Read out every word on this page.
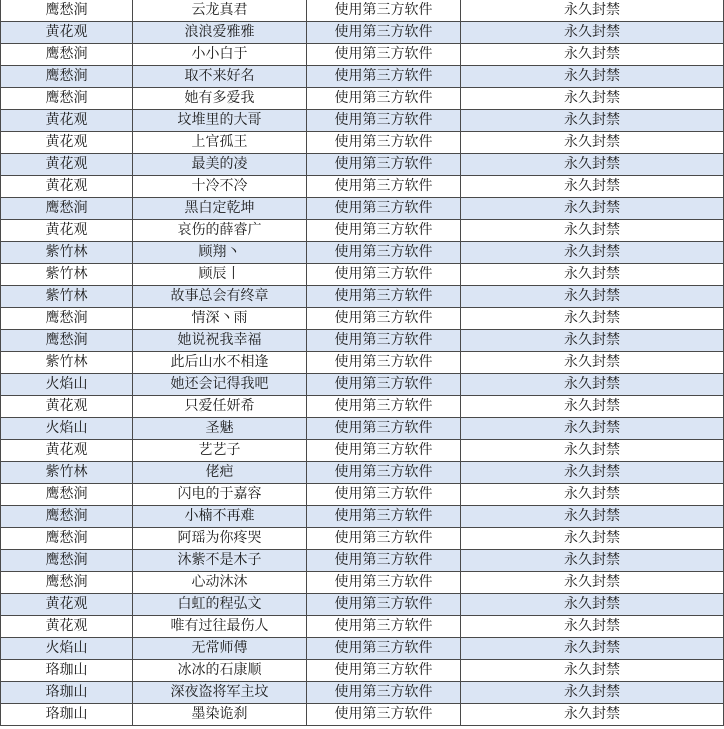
鹰愁涧	云龙真君	使用第三方软件	永久封禁
黄花观	浪浪爱雅雅	使用第三方软件	永久封禁
鹰愁涧	小小白于	使用第三方软件	永久封禁
鹰愁涧	取不来好名	使用第三方软件	永久封禁
鹰愁涧	她有多爱我	使用第三方软件	永久封禁
黄花观	坟堆里的大哥	使用第三方软件	永久封禁
黄花观	上官孤王	使用第三方软件	永久封禁
黄花观	最美的凌	使用第三方软件	永久封禁
黄花观	十冷不冷	使用第三方软件	永久封禁
鹰愁涧	黑白定乾坤	使用第三方软件	永久封禁
黄花观	哀伤的薛睿广	使用第三方软件	永久封禁
紫竹林	顾翔丶	使用第三方软件	永久封禁
紫竹林	顾辰丨	使用第三方软件	永久封禁
紫竹林	故事总会有终章	使用第三方软件	永久封禁
鹰愁涧	情深丶雨	使用第三方软件	永久封禁
鹰愁涧	她说祝我幸福	使用第三方软件	永久封禁
紫竹林	此后山水不相逢	使用第三方软件	永久封禁
火焰山	她还会记得我吧	使用第三方软件	永久封禁
黄花观	只爱任妍希	使用第三方软件	永久封禁
火焰山	圣魅	使用第三方软件	永久封禁
黄花观	艺艺子	使用第三方软件	永久封禁
紫竹林	佬疤	使用第三方软件	永久封禁
鹰愁涧	闪电的于嘉容	使用第三方软件	永久封禁
鹰愁涧	小楠不再难	使用第三方软件	永久封禁
鹰愁涧	阿瑶为你疼哭	使用第三方软件	永久封禁
鹰愁涧	沐紫不是木子	使用第三方软件	永久封禁
鹰愁涧	心动沐沐	使用第三方软件	永久封禁
黄花观	白虹的程弘文	使用第三方软件	永久封禁
黄花观	唯有过往最伤人	使用第三方软件	永久封禁
火焰山	无常师傅	使用第三方软件	永久封禁
珞珈山	冰冰的石康顺	使用第三方软件	永久封禁
珞珈山	深夜盗将军主坟	使用第三方软件	永久封禁
珞珈山	墨染诡刹	使用第三方软件	永久封禁
